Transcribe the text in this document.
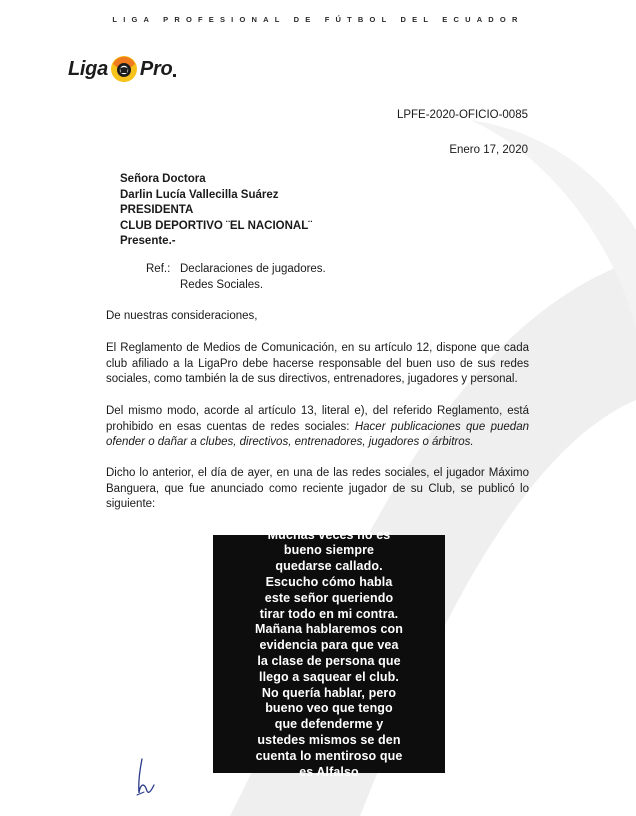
LIGA PROFESIONAL DE FÚTBOL DEL ECUADOR
Liga Pro
LPFE-2020-OFICIO-0085
Enero 17, 2020
Señora Doctora
Darlin Lucía Vallecilla Suárez
PRESIDENTA
CLUB DEPORTIVO ¨EL NACIONAL¨
Presente.-
Ref.: Declaraciones de jugadores.
Redes Sociales.
De nuestras consideraciones,
El Reglamento de Medios de Comunicación, en su artículo 12, dispone que cada club afiliado a la LigaPro debe hacerse responsable del buen uso de sus redes sociales, como también la de sus directivos, entrenadores, jugadores y personal.
Del mismo modo, acorde al artículo 13, literal e), del referido Reglamento, está prohibido en esas cuentas de redes sociales: Hacer publicaciones que puedan ofender o dañar a clubes, directivos, entrenadores, jugadores o árbitros.
Dicho lo anterior, el día de ayer, en una de las redes sociales, el jugador Máximo Banguera, que fue anunciado como reciente jugador de su Club, se publicó lo siguiente:
Muchas veces no es
bueno siempre
quedarse callado.
Escucho cómo habla
este señor queriendo
tirar todo en mi contra.
Mañana hablaremos con
evidencia para que vea
la clase de persona que
llego a saquear el club.
No quería hablar, pero
bueno veo que tengo
que defenderme y
ustedes mismos se den
cuenta lo mentiroso que
es Alfalso
